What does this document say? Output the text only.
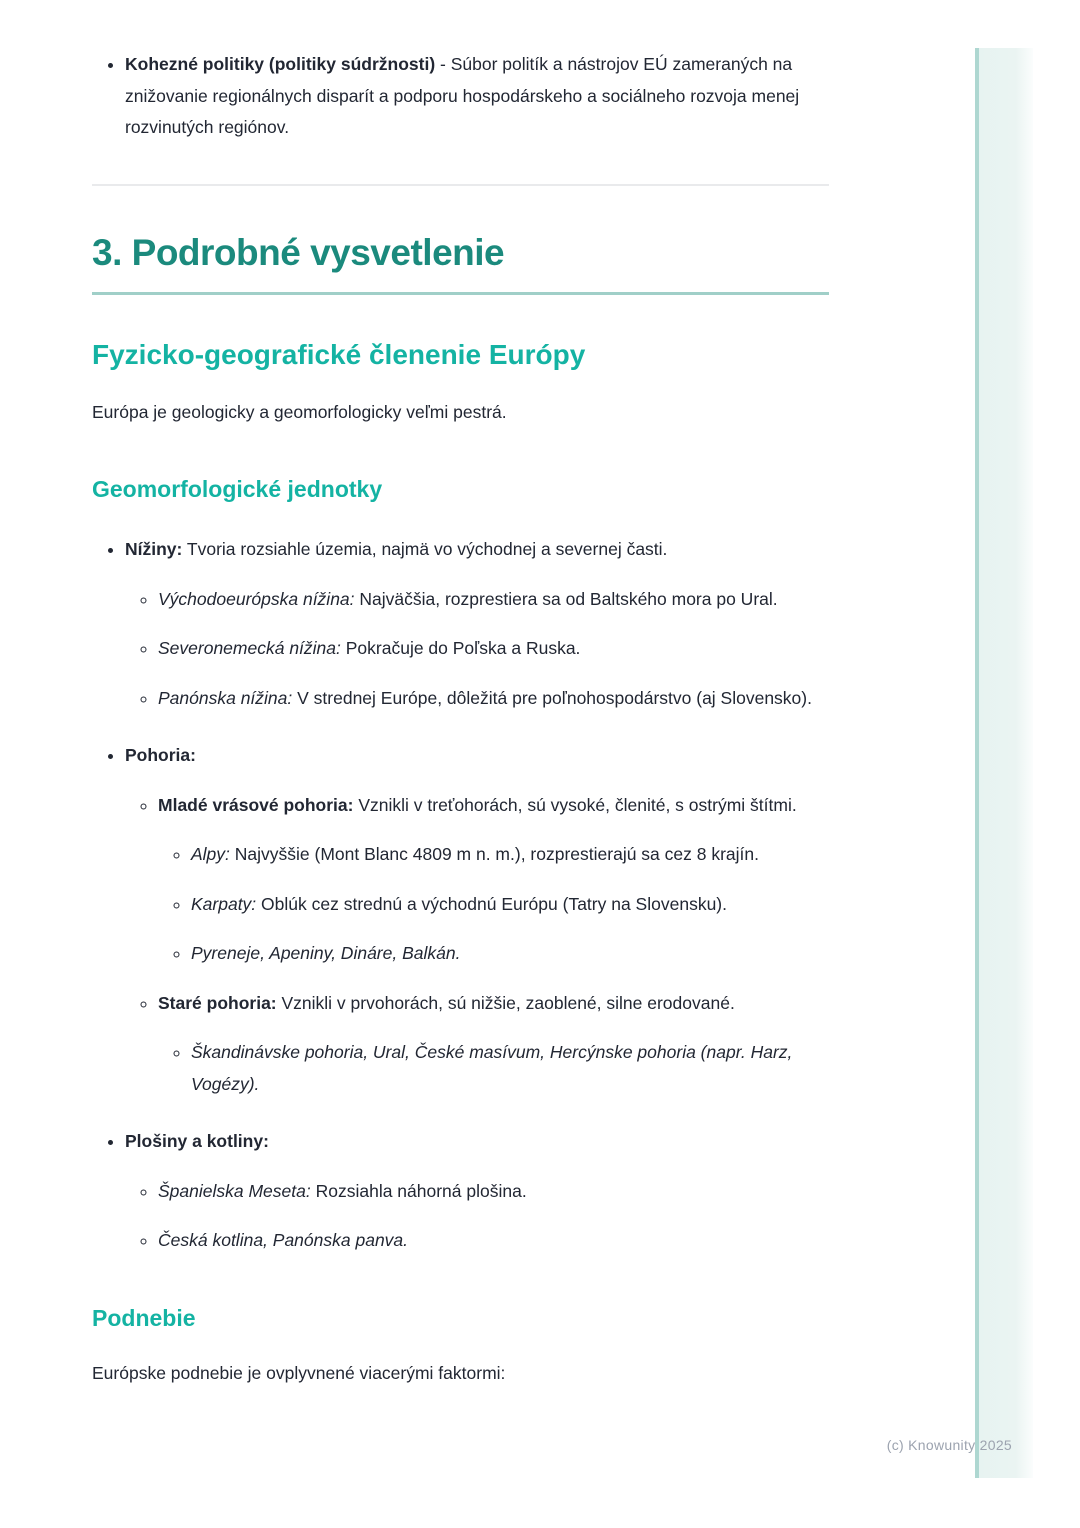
• Kohezné politiky (politiky súdržnosti) - Súbor politík a nástrojov EÚ zameraných na znižovanie regionálnych disparít a podporu hospodárskeho a sociálneho rozvoja menej rozvinutých regiónov.
3. Podrobné vysvetlenie
Fyzicko-geografické členenie Európy

Európa je geologicky a geomorfologicky veľmi pestrá.

Geomorfologické jednotky
• Nížiny: Tvoria rozsiahle územia, najmä vo východnej a severnej časti.
◦ Východoeurópska nížina: Najväčšia, rozprestiera sa od Baltského mora po Ural.
◦ Severonemecká nížina: Pokračuje do Poľska a Ruska.
◦ Panónska nížina: V strednej Európe, dôležitá pre poľnohospodárstvo (aj Slovensko).
• Pohoria:
◦ Mladé vrásové pohoria: Vznikli v treťohorách, sú vysoké, členité, s ostrými štítmi.
◦ Alpy: Najvyššie (Mont Blanc 4809 m n. m.), rozprestierajú sa cez 8 krajín.
◦ Karpaty: Oblúk cez strednú a východnú Európu (Tatry na Slovensku).
◦ Pyreneje, Apeniny, Dináre, Balkán.
◦ Staré pohoria: Vznikli v prvohorách, sú nižšie, zaoblené, silne erodované.
◦ Škandinávske pohoria, Ural, České masívum, Hercýnske pohoria (napr. Harz, Vogézy).
• Plošiny a kotliny:
◦ Španielska Meseta: Rozsiahla náhorná plošina.
◦ Česká kotlina, Panónska panva.
Podnebie

Európske podnebie je ovplyvnené viacerými faktormi:

(c) Knowunity 2025
